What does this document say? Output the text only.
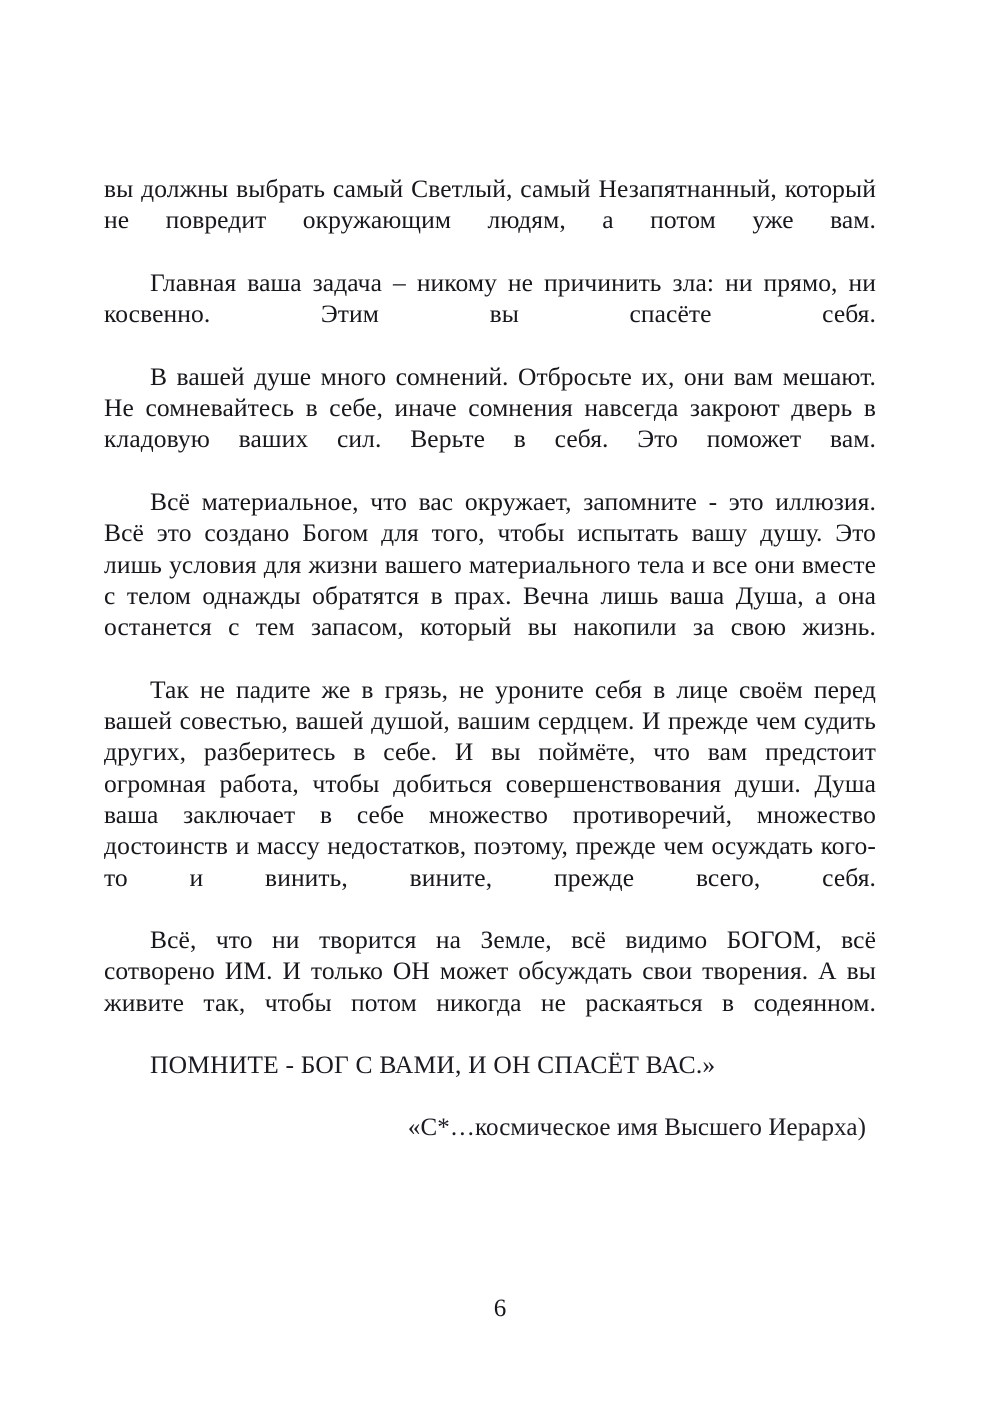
вы должны выбрать самый Светлый, самый Незапятнанный, который не повредит окружающим людям, а потом уже вам.

Главная ваша задача – никому не причинить зла: ни прямо, ни косвенно. Этим вы спасёте себя.

В вашей душе много сомнений. Отбросьте их, они вам мешают. Не сомневайтесь в себе, иначе сомнения навсегда закроют дверь в кладовую ваших сил. Верьте в себя. Это поможет вам.

Всё материальное, что вас окружает, запомните - это иллюзия. Всё это создано Богом для того, чтобы испытать вашу душу. Это лишь условия для жизни вашего материального тела и все они вместе с телом однажды обратятся в прах. Вечна лишь ваша Душа, а она останется с тем запасом, который вы накопили за свою жизнь.

Так не падите же в грязь, не уроните себя в лице своём перед вашей совестью, вашей душой, вашим сердцем. И прежде чем судить других, разберитесь в себе. И вы поймёте, что вам предстоит огромная работа, чтобы добиться совершенствования души. Душа ваша заключает в себе множество противоречий, множество достоинств и массу недостатков, поэтому, прежде чем осуждать кого-то и винить, вините, прежде всего, себя.

Всё, что ни творится на Земле, всё видимо БОГОМ, всё сотворено ИМ. И только ОН может обсуждать свои творения. А вы живите так, чтобы потом никогда не раскаяться в содеянном.

ПОМНИТЕ - БОГ С ВАМИ, И ОН СПАСЁТ ВАС.»

«С*…космическое имя Высшего Иерарха)

6
